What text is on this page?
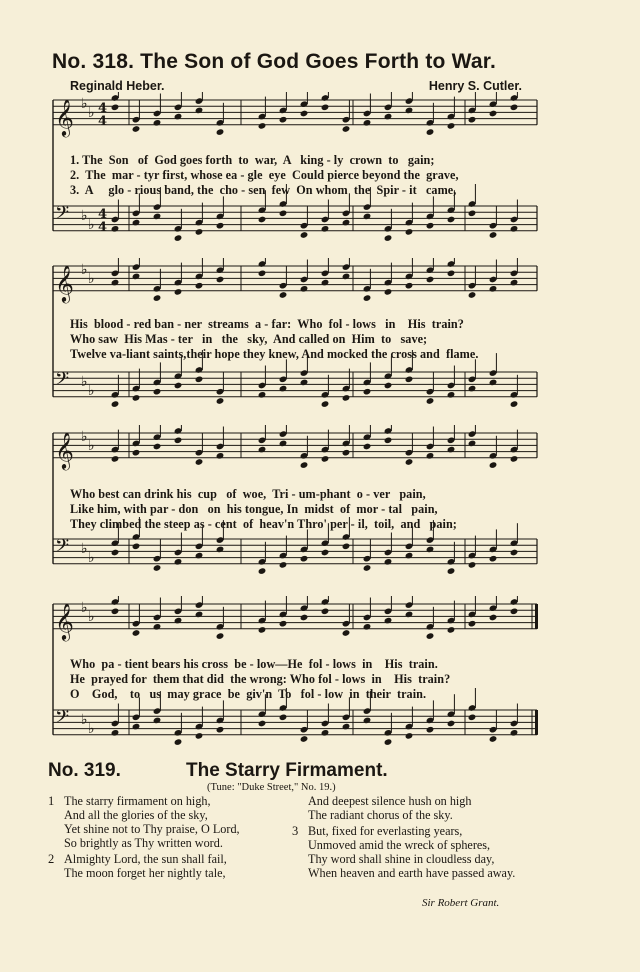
No. 318. The Son of God Goes Forth to War.
Reginald Heber.	Henry S. Cutler.
𝄞 ♭
♭ 4
4
𝄢 ♭
♭
4
4
1. The  Son   of  God goes forth  to  war,  A   king - ly  crown  to   gain;
2.  The  mar - tyr first, whose ea - gle  eye  Could pierce beyond the  grave,
3.  A     glo - rious band, the  cho - sen  few  On whom  the  Spir - it   came,
𝄞 ♭
♭
𝄢 ♭
♭
His  blood - red ban - ner  streams  a - far:  Who  fol - lows   in    His  train?
Who saw  His Mas - ter   in   the   sky,  And called on  Him  to   save;
Twelve va-liant saints,their hope they knew, And mocked the cross and  flame.
𝄞 ♭
♭
𝄢 ♭
♭
Who best can drink his  cup   of  woe,  Tri - um-phant  o - ver   pain,
Like him, with par - don   on  his tongue, In  midst  of  mor - tal   pain,
They climbed the steep as - cent  of  heav'n Thro' per - il,  toil,  and   pain;
𝄞 ♭
♭
𝄢 ♭
♭
Who  pa - tient bears his cross  be - low—He  fol - lows  in    His  train.
He  prayed for  them that did  the wrong: Who fol - lows  in    His  train?
O    God,    to   us  may grace  be  giv'n  To   fol - low  in  their  train.
No. 319.	The Starry Firmament.
(Tune: "Duke Street," No. 19.)
1 The starry firmament on high,
And all the glories of the sky,
Yet shine not to Thy praise, O Lord,
So brightly as Thy written word.
2 Almighty Lord, the sun shall fail,
The moon forget her nightly tale,
And deepest silence hush on high
The radiant chorus of the sky.
3 But, fixed for everlasting years,
Unmoved amid the wreck of spheres,
Thy word shall shine in cloudless day,
When heaven and earth have passed away.
Sir Robert Grant.
